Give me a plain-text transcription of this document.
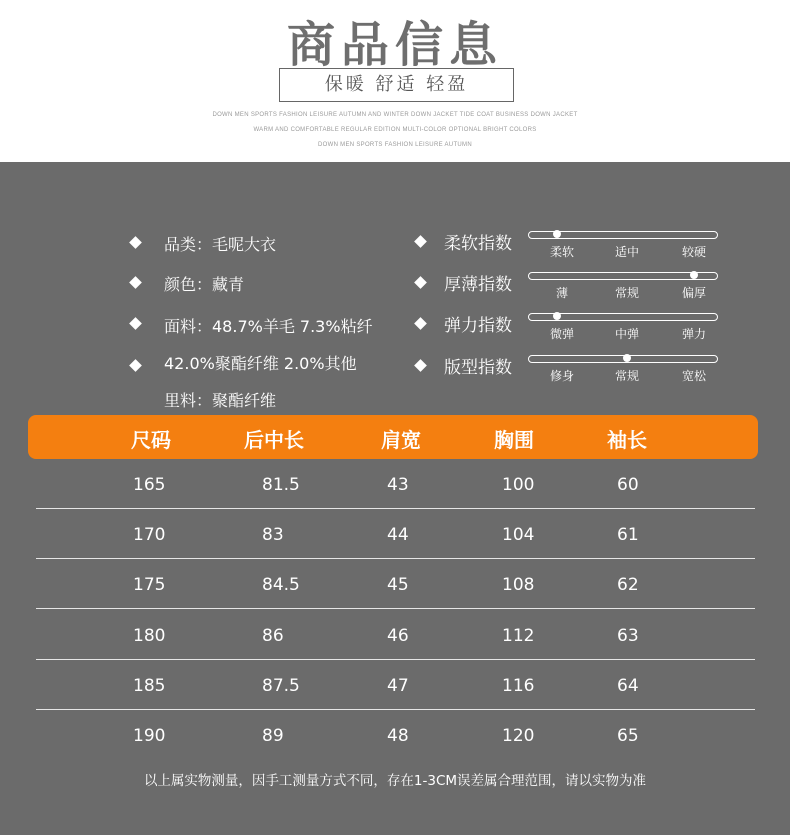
商品信息
保暖 舒适 轻盈
DOWN MEN SPORTS FASHION LEISURE AUTUMN AND WINTER DOWN JACKET TIDE COAT BUSINESS DOWN JACKET
WARM AND COMFORTABLE REGULAR EDITION MULTI-COLOR OPTIONAL BRIGHT COLORS
DOWN MEN SPORTS FASHION LEISURE AUTUMN
品类：毛呢大衣
颜色：藏青
面料：48.7%羊毛 7.3%粘纤
42.0%聚酯纤维 2.0%其他
里料：聚酯纤维
柔软指数	柔软	适中	较硬
厚薄指数	薄	常规	偏厚
弹力指数	微弹	中弹	弹力
版型指数	修身	常规	宽松
尺码	后中长	肩宽	胸围	袖长
165	81.5	43	100	60
170	83	44	104	61
175	84.5	45	108	62
180	86	46	112	63
185	87.5	47	116	64
190	89	48	120	65
以上属实物测量，因手工测量方式不同，存在1-3CM误差属合理范围，请以实物为准
